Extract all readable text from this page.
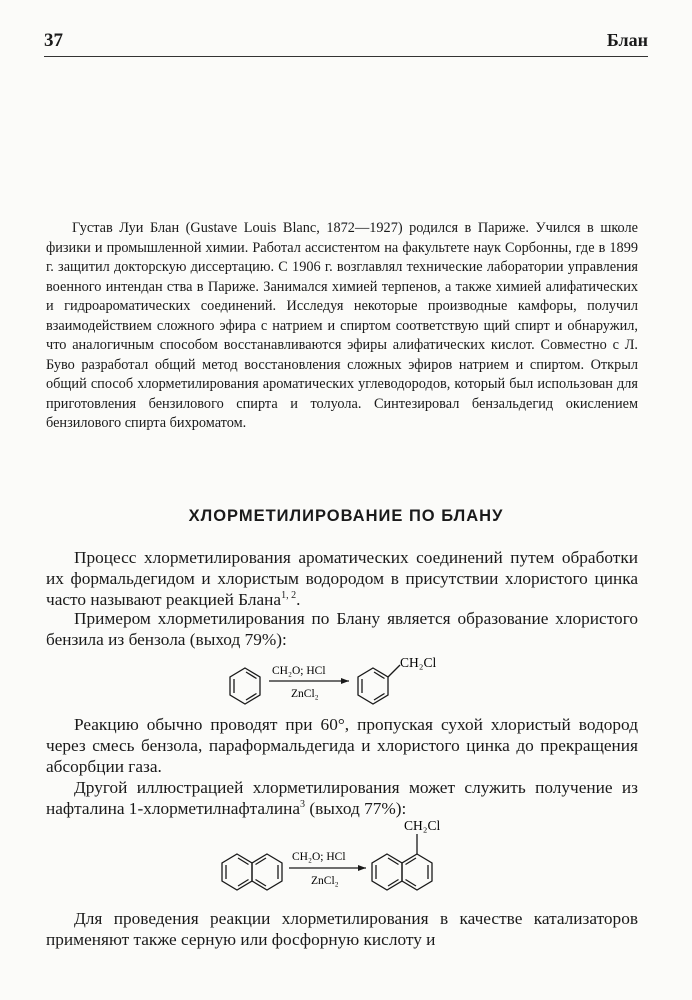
37	Блан
Густав Луи Блан (Gustave Louis Blanc, 1872—1927) родился в Париже. Учился в школе физики и промышленной химии. Работал ассистентом на факультете наук Сорбонны, где в 1899 г. защитил докторскую диссертацию. С 1906 г. возглавлял технические лаборатории управления военного интендан ства в Париже. Занимался химией терпенов, а также химией алифатических и гидроароматических соединений. Исследуя некоторые производные камфоры, получил взаимодействием сложного эфира с натрием и спиртом соответствую щий спирт и обнаружил, что аналогичным способом восстанавливаются эфиры алифатических кислот. Совместно с Л. Буво разработал общий метод восстановления сложных эфиров натрием и спиртом. Открыл общий способ хлорметилирования ароматических углеводородов, который был использован для приготовления бензилового спирта и толуола. Синтезировал бензальдегид окислением бензилового спирта бихроматом.
ХЛОРМЕТИЛИРОВАНИЕ ПО БЛАНУ
Процесс хлорметилирования ароматических соединений путем обработки их формальдегидом и хлористым водородом в присутствии хлористого цинка часто называют реакцией Блана$^{1, 2}$.
Примером хлорметилирования по Блану является образование хлористого бензила из бензола (выход 79%):
CH₂O; HCl
ZnCl₂
CH₂Cl
Реакцию обычно проводят при 60°, пропуская сухой хлористый водород через смесь бензола, параформальдегида и хлористого цинка до прекращения абсорбции газа.
Другой иллюстрацией хлорметилирования может служить получение из нафталина 1-хлорметилнафталина$^3$ (выход 77%):
CH₂O; HCl
ZnCl₂
CH₂Cl
Для проведения реакции хлорметилирования в качестве катализаторов применяют также серную или фосфорную кислоту и
